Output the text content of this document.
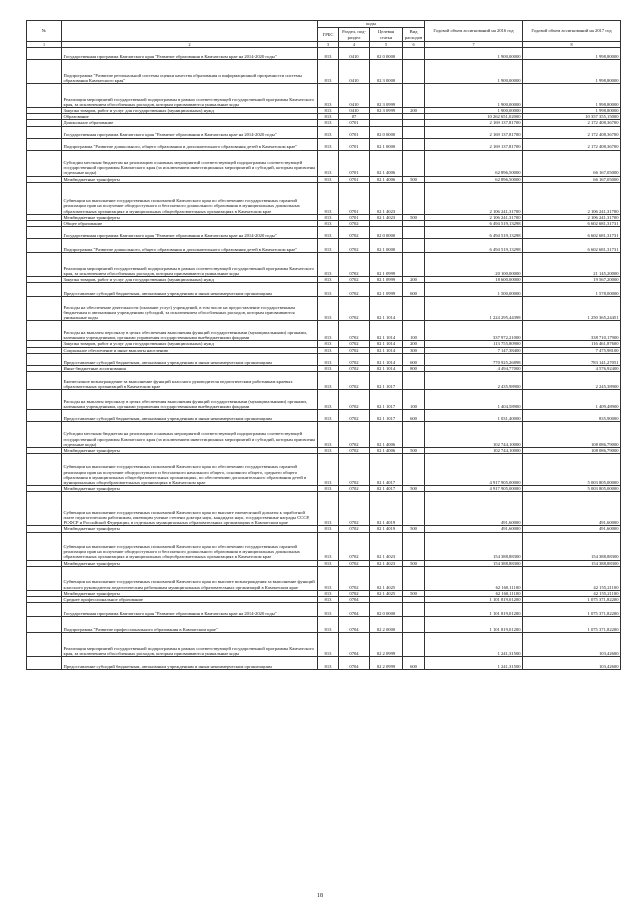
№		коды				Годовой объем ассигнований на 2016 год	Годовой объем ассигнований на 2017 год
		ГРБС	Раздел, под-раздел	Целевая статья	Вид расходов		
1	2	3	4	5	6	7	8
	Государственная программа Камчатского края "Развитие образования в Камчатском крае на 2014-2020 годы"	813	0410	02 0 0000		1 900,00000	1 998,80000
	Подпрограмма "Развитие региональной системы оценки качества образования и информационной прозрачности системы образования Камчатского края"	813	0410	02 3 0000		1 900,00000	1 998,80000
	Реализация мероприятий государственной подпрограммы в рамках соответствующей государственной программы Камчатского края, за исключением обособленных расходов, которым присваиваются уникальные коды	813	0410	02 3 0999		1 900,00000	1 998,80000
	Закупка товаров, работ и услуг для государственных (муниципальных) нужд	813	0410	02 3 0999	200	1 900,00000	1 998,80000
	Образование	813	07			10 262 651,02000	10 357 355,15000
	Дошкольное образование	813	0701			2 169 137,81700	2 172 408,36700
	Государственная программа Камчатского края "Развитие образования в Камчатском крае на 2014-2020 годы"	813	0701	02 0 0000		2 169 137,81700	2 172 408,36700
	Подпрограмма "Развитие дошкольного, общего образования и дополнительного образования детей в Камчатском крае"	813	0701	02 1 0000		2 169 137,81700	2 172 408,36700
	Субсидии местным бюджетам на реализацию основных мероприятий соответствующей подпрограммы соответствующей государственной программы Камчатского края (за исключением инвестиционных мероприятий и субсидий, которым присвоены отдельные коды)	813	0701	02 1 4006		62 896,50000	66 167,05000
	Межбюджетные трансферты	813	0701	02 1 4006	500	62 896,50000	66 167,05000
	Субвенции на выполнение государственных полномочий Камчатского края по обеспечению государственных гарантий реализации прав на получение общедоступного и бесплатного дошкольного образования в муниципальных дошкольных образовательных организациях и муниципальных общеобразовательных организациях в Камчатском крае	813	0701	02 1 4023		2 106 241,31700	2 106 241,31700
	Межбюджетные трансферты	813	0701	02 1 4023	500	2 106 241,31700	2 106 241,31700
	Общее образование	813	0702			6 494 519,13298	6 602 681,31731
	Государственная программа Камчатского края "Развитие образования в Камчатском крае на 2014-2020 годы"	813	0702	02 0 0000		6 494 519,13298	6 602 681,31731
	Подпрограмма "Развитие дошкольного, общего образования и дополнительного образования детей в Камчатском крае"	813	0702	02 1 0000		6 494 519,13298	6 602 681,31731
	Реализация мероприятий государственной подпрограммы в рамках соответствующей государственной программы Камчатского края, за исключением обособленных расходов, которым присваиваются уникальные коды	813	0702	02 1 0999		20 100,00000	21 145,20000
	Закупка товаров, работ и услуг для государственных (муниципальных) нужд	813	0702	02 1 0999	200	18 600,00000	19 567,20000
	Предоставление субсидий бюджетным, автономным учреждениям и иным некоммерческим организациям	813	0702	02 1 0999	600	1 500,00000	1 578,00000
	Расходы на обеспечение деятельности (оказание услуг) учреждений, в том числе на предоставление государственным бюджетным и автономным учреждениям субсидий, за исключением обособленных расходов, которым присваиваются уникальные коды	813	0702	02 1 1014		1 224 295,44398	1 250 365,24451
	Расходы на выплаты персоналу в целях обеспечения выполнения функций государственными (муниципальными) органами, казенными учреждениями, органами управления государственными внебюджетными фондами	813	0702	02 1 1014	100	337 972,21000	338 710,17900
	Закупка товаров, работ и услуг для государственных (муниципальных) нужд	813	0702	02 1 1014	200	113 755,80900	116 461,87600
	Социальное обеспечение и иные выплаты населению	813	0702	02 1 1014	300	7 147,38400	7 475,98100
	Предоставление субсидий бюджетным, автономным учреждениям и иным некоммерческим организациям	813	0702	02 1 1014	600	770 925,26898	783 141,27051
	Иные бюджетные ассигнования	813	0702	02 1 1014	800	4 494,77000	4 576,92400
	Ежемесячное вознаграждение за выполнение функций классного руководителя педагогическим работникам краевых образовательных организаций в Камчатском крае	813	0702	02 1 1017		2 435,98900	2 245,38900
	Расходы на выплаты персоналу в целях обеспечения выполнения функций государственными (муниципальными) органами, казенными учреждениями, органами управления государственными внебюджетными фондами	813	0702	02 1 1017	100	1 404,58900	1 409,48900
	Предоставление субсидий бюджетным, автономным учреждениям и иным некоммерческим организациям	813	0702	02 1 1017	600	1 031,40000	835,90000
	Субсидии местным бюджетам на реализацию основных мероприятий соответствующей подпрограммы соответствующей государственной программы Камчатского края (за исключением инвестиционных мероприятий и субсидий, которым присвоены отдельные коды)	813	0702	02 1 4006		102 744,10000	108 086,79000
	Межбюджетные трансферты	813	0702	02 1 4006	500	102 744,10000	108 086,79000
	Субвенции на выполнение государственных полномочий Камчатского края по обеспечению государственных гарантий реализации прав на получение общедоступного и бесплатного начального общего, основного общего, среднего общего образования в муниципальных общеобразовательных организациях, по обеспечению дополнительного образования детей в муниципальных общеобразовательных организациях в Камчатском крае	813	0702	02 1 4017		4 917 905,00000	5 003 805,00000
	Межбюджетные трансферты	813	0702	02 1 4017	500	4 917 905,00000	5 003 805,00000
	Субвенции на выполнение государственных полномочий Камчатского края по выплате ежемесячной доплаты к заработной плате педагогическим работникам, имеющим ученые степени доктора наук, кандидата наук, государственные награды СССР, РСФСР и Российской Федерации, в отдельных муниципальных образовательных организациях в Камчатском крае	813	0702	02 1 4019		491,60000	491,60000
	Межбюджетные трансферты	813	0702	02 1 4019	500	491,60000	491,60000
	Субвенции на выполнение государственных полномочий Камчатского края по обеспечению государственных гарантий реализации прав на получение общедоступного и бесплатного дошкольного образования в муниципальных дошкольных образовательных организациях и муниципальных общеобразовательных организациях в Камчатском крае	813	0702	02 1 4023		154 388,88300	154 388,88300
	Межбюджетные трансферты	813	0702	02 1 4023	500	154 388,88300	154 388,88300
	Субвенции на выполнение государственных полномочий Камчатского края по выплате вознаграждения за выполнение функций классного руководителя педагогическим работникам муниципальных образовательных организаций в Камчатском крае	813	0702	02 1 4025		62 160,11100	42 155,21100
	Межбюджетные трансферты	813	0702	02 1 4025	500	62 160,11100	42 155,21100
	Среднее профессиональное образование	813	0704			1 101 819,01200	1 075 371,82200
	Государственная программа Камчатского края "Развитие образования в Камчатском крае на 2014-2020 годы"	813	0704	02 0 0000		1 101 819,01200	1 075 371,82200
	Подпрограмма "Развитие профессионального образования в Камчатском крае"	813	0704	02 2 0000		1 101 819,01200	1 075 371,82200
	Реализация мероприятий государственной подпрограммы в рамках соответствующей государственной программы Камчатского края, за исключением обособленных расходов, которым присваиваются уникальные коды	813	0704	02 2 0999		1 241,31500	103,42600
	Предоставление субсидий бюджетным, автономным учреждениям и иным некоммерческим организациям	813	0704	02 2 0999	600	1 241,31500	103,42600
18
